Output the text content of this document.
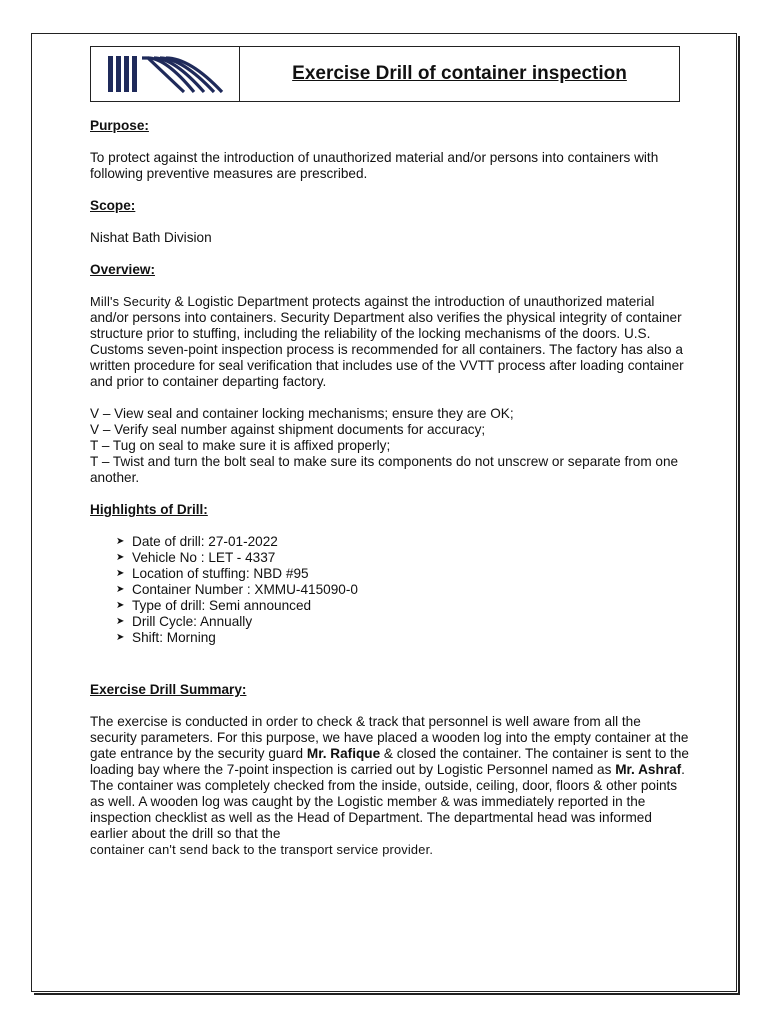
Exercise Drill of container inspection

Purpose:

To protect against the introduction of unauthorized material and/or persons into containers with following preventive measures are prescribed.

Scope:

Nishat Bath Division

Overview:

Mill's Security & Logistic Department protects against the introduction of unauthorized material and/or persons into containers. Security Department also verifies the physical integrity of container structure prior to stuffing, including the reliability of the locking mechanisms of the doors. U.S. Customs seven-point inspection process is recommended for all containers. The factory has also a written procedure for seal verification that includes use of the VVTT process after loading container and prior to container departing factory.

V – View seal and container locking mechanisms; ensure they are OK;

V – Verify seal number against shipment documents for accuracy;

T – Tug on seal to make sure it is affixed properly;

T – Twist and turn the bolt seal to make sure its components do not unscrew or separate from one another.

Highlights of Drill:

➤ Date of drill: 27-01-2022
➤ Vehicle No : LET - 4337
➤ Location of stuffing: NBD #95
➤ Container Number : XMMU-415090-0
➤ Type of drill: Semi announced
➤ Drill Cycle: Annually
➤ Shift: Morning

Exercise Drill Summary:

The exercise is conducted in order to check & track that personnel is well aware from all the security parameters. For this purpose, we have placed a wooden log into the empty container at the gate entrance by the security guard Mr. Rafique & closed the container. The container is sent to the loading bay where the 7-point inspection is carried out by Logistic Personnel named as Mr. Ashraf. The container was completely checked from the inside, outside, ceiling, door, floors & other points as well. A wooden log was caught by the Logistic member & was immediately reported in the inspection checklist as well as the Head of Department. The departmental head was informed earlier about the drill so that the
container can't send back to the transport service provider.
